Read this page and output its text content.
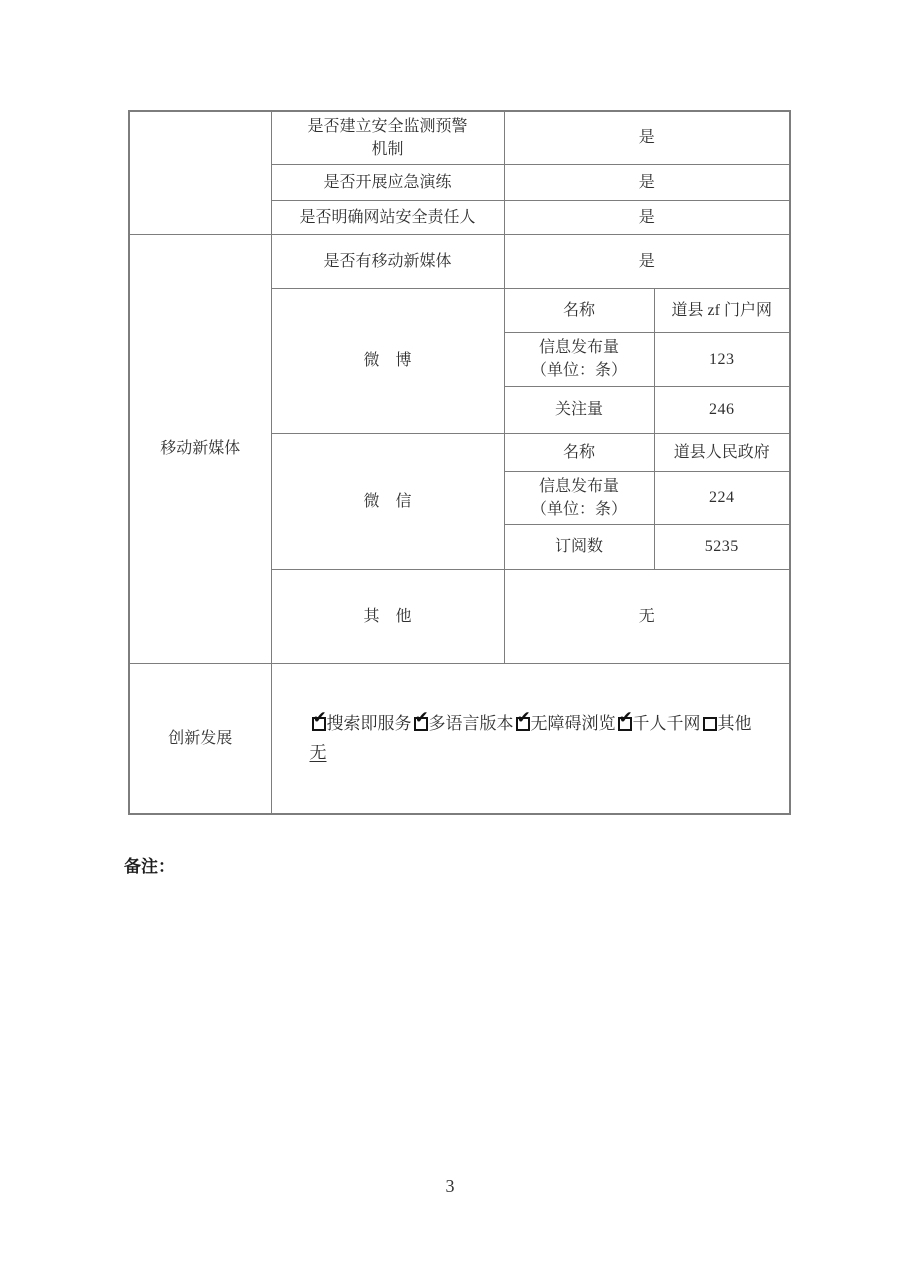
	是否建立安全监测预警
机制	是	

	是否开展应急演练	是	

	是否明确网站安全责任人	是	
移动新媒体	是否有移动新媒体	是	
	微　博	名称	道县 zf 门户网

		信息发布量
（单位：条）	123

		关注量	246
	微　信	名称	道县人民政府

		信息发布量
（单位：条）	224

		订阅数	5235
	其　他	无	
创新发展	
✔ 搜索即服务 ✔ 多语言版本 ✔ 无障碍浏览 ✔ 千人千网 其他
无
备注：
3
